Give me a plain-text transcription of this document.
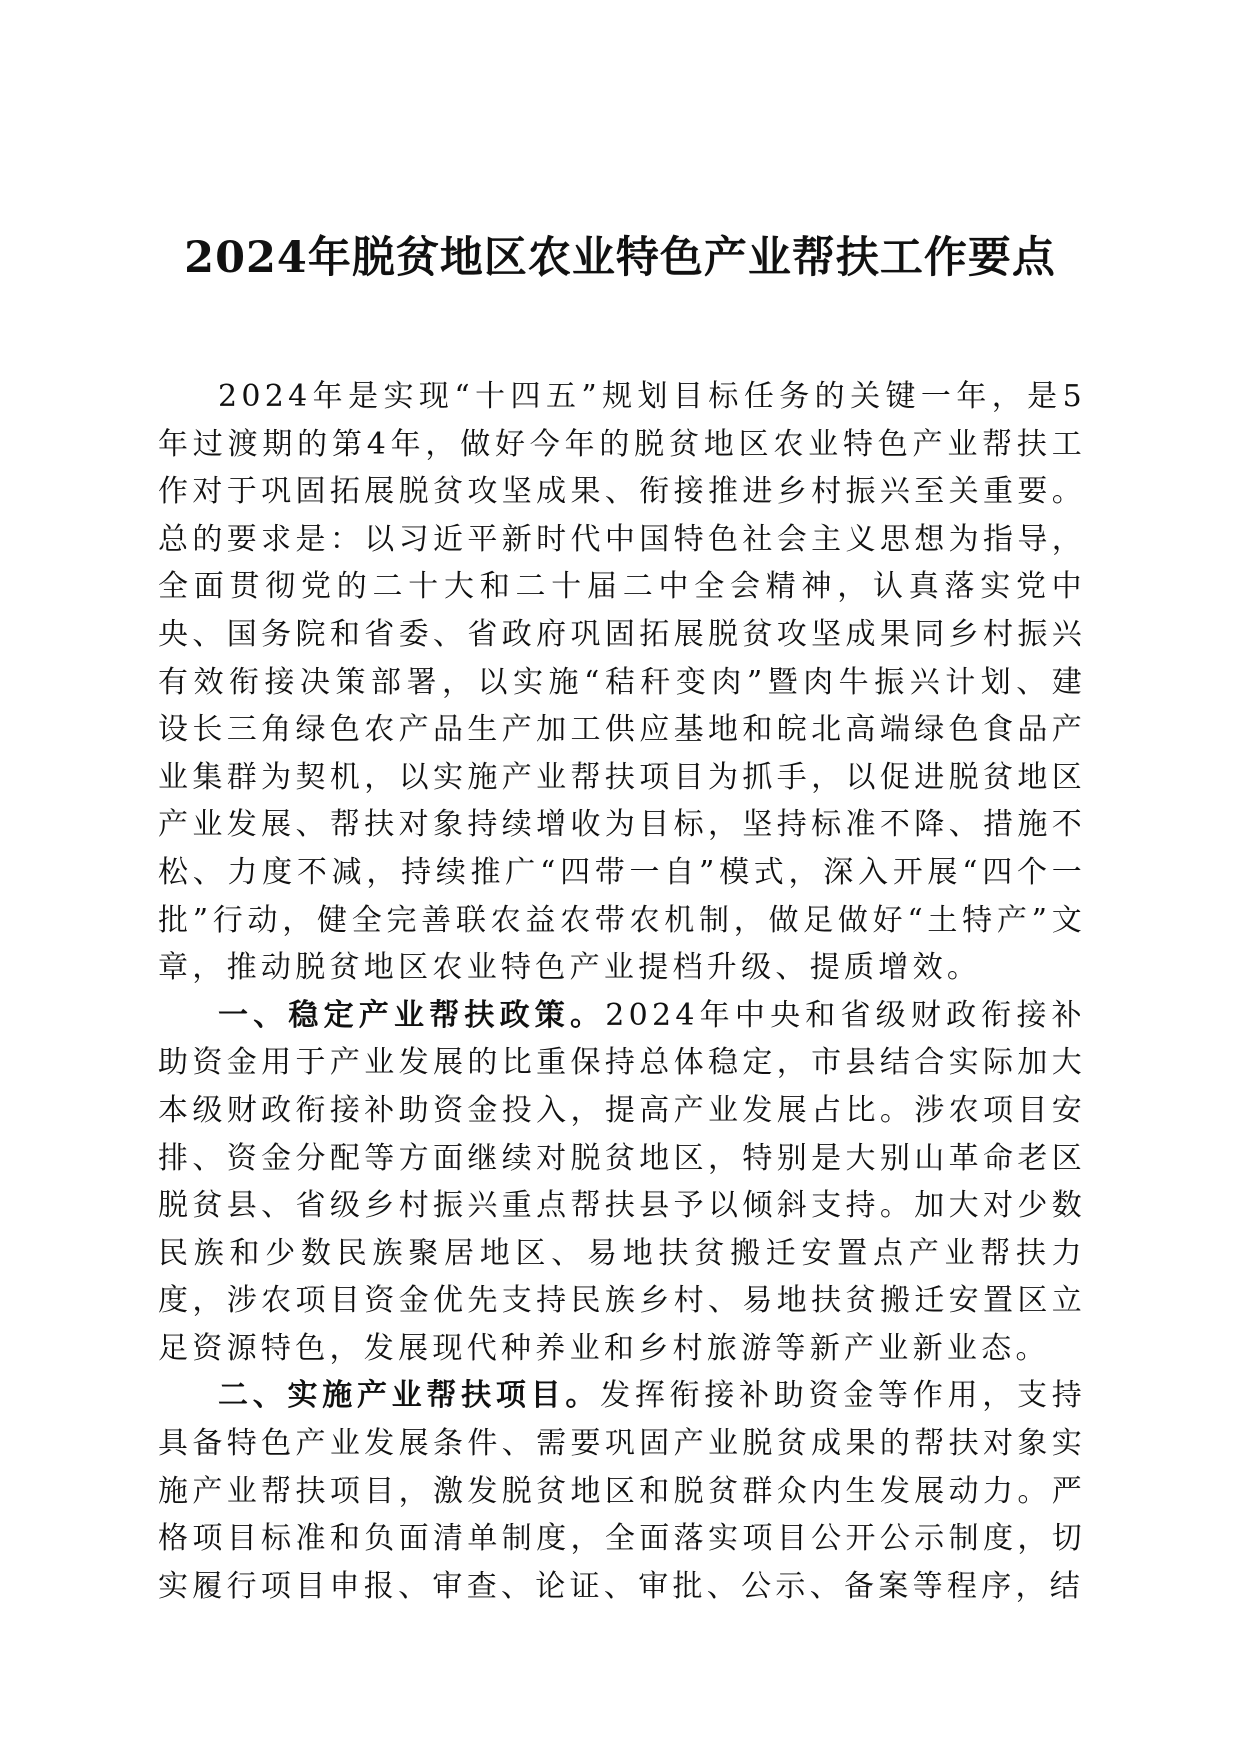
2024年脱贫地区农业特色产业帮扶工作要点

2024年是实现“十四五”规划目标任务的关键一年，是5年过渡期的第4年，做好今年的脱贫地区农业特色产业帮扶工作对于巩固拓展脱贫攻坚成果、衔接推进乡村振兴至关重要。总的要求是：以习近平新时代中国特色社会主义思想为指导，全面贯彻党的二十大和二十届二中全会精神，认真落实党中央、国务院和省委、省政府巩固拓展脱贫攻坚成果同乡村振兴有效衔接决策部署，以实施“秸秆变肉”暨肉牛振兴计划、建设长三角绿色农产品生产加工供应基地和皖北高端绿色食品产业集群为契机，以实施产业帮扶项目为抓手，以促进脱贫地区产业发展、帮扶对象持续增收为目标，坚持标准不降、措施不松、力度不减，持续推广“四带一自”模式，深入开展“四个一批”行动，健全完善联农益农带农机制，做足做好“土特产”文章，推动脱贫地区农业特色产业提档升级、提质增效。

一、稳定产业帮扶政策。2024年中央和省级财政衔接补助资金用于产业发展的比重保持总体稳定，市县结合实际加大本级财政衔接补助资金投入，提高产业发展占比。涉农项目安排、资金分配等方面继续对脱贫地区，特别是大别山革命老区脱贫县、省级乡村振兴重点帮扶县予以倾斜支持。加大对少数民族和少数民族聚居地区、易地扶贫搬迁安置点产业帮扶力度，涉农项目资金优先支持民族乡村、易地扶贫搬迁安置区立足资源特色，发展现代种养业和乡村旅游等新产业新业态。

二、实施产业帮扶项目。发挥衔接补助资金等作用，支持具备特色产业发展条件、需要巩固产业脱贫成果的帮扶对象实施产业帮扶项目，激发脱贫地区和脱贫群众内生发展动力。严格项目标准和负面清单制度，全面落实项目公开公示制度，切实履行项目申报、审查、论证、审批、公示、备案等程序，结
